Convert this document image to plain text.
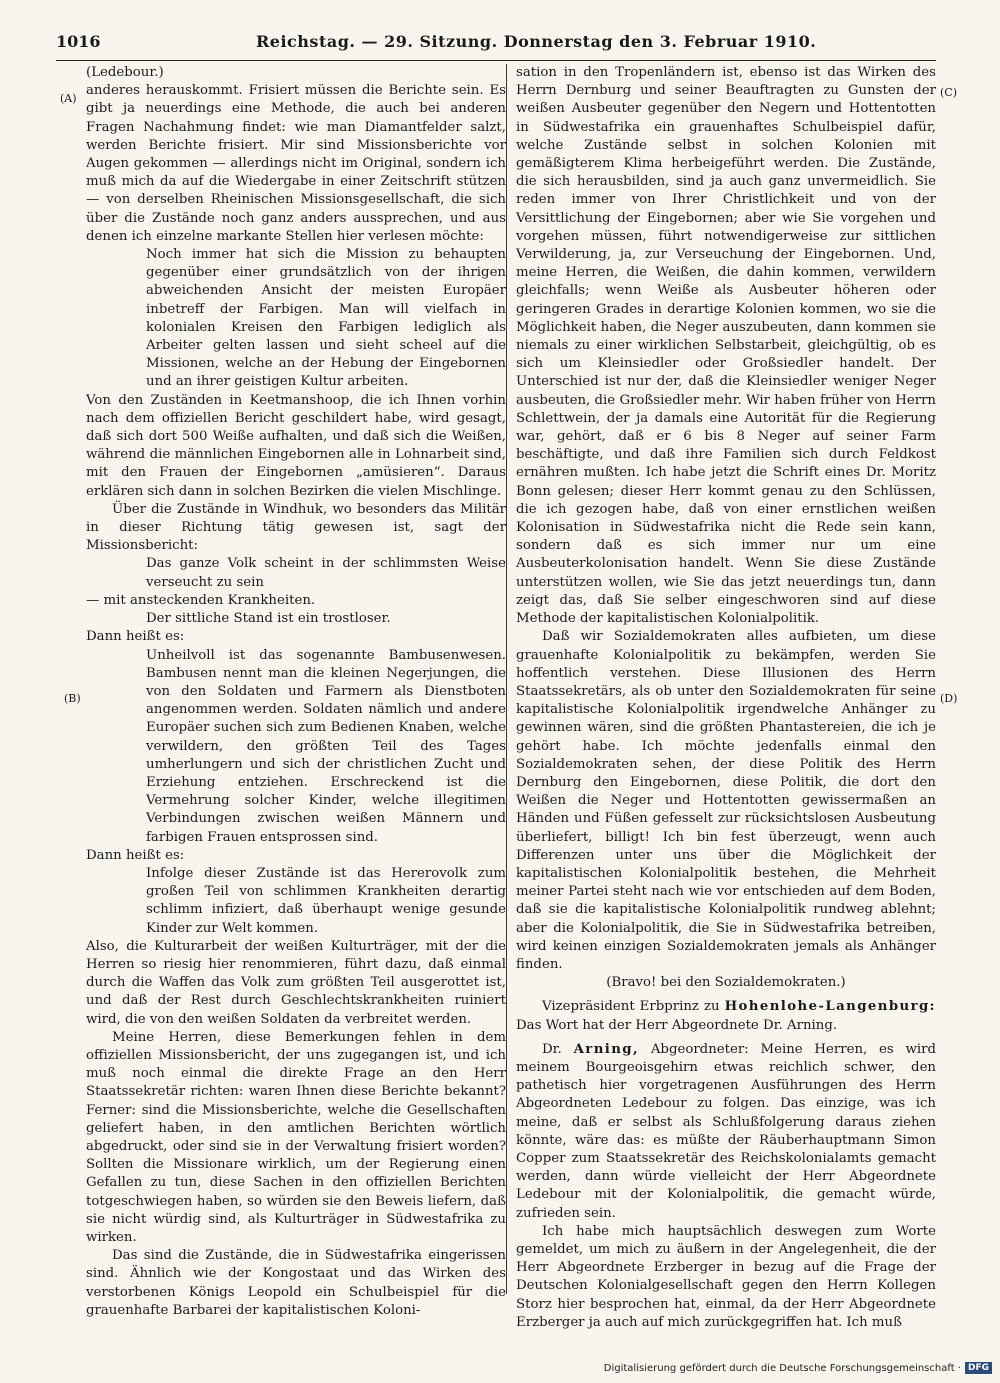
1016	Reichstag. — 29. Sitzung. Donnerstag den 3. Februar 1910.
(A)
(B)
(C)
(D)

(Ledebour.)

anderes herauskommt. Frisiert müssen die Berichte sein. Es gibt ja neuerdings eine Methode, die auch bei anderen Fragen Nachahmung findet: wie man Diamantfelder salzt, werden Berichte frisiert. Mir sind Missionsberichte vor Augen gekommen — allerdings nicht im Original, sondern ich muß mich da auf die Wiedergabe in einer Zeitschrift stützen — von derselben Rheinischen Missionsgesellschaft, die sich über die Zustände noch ganz anders aussprechen, und aus denen ich einzelne markante Stellen hier verlesen möchte:

Noch immer hat sich die Mission zu behaupten gegenüber einer grundsätzlich von der ihrigen abweichenden Ansicht der meisten Europäer inbetreff der Farbigen. Man will vielfach in kolonialen Kreisen den Farbigen lediglich als Arbeiter gelten lassen und sieht scheel auf die Missionen, welche an der Hebung der Eingebornen und an ihrer geistigen Kultur arbeiten.

Von den Zuständen in Keetmanshoop, die ich Ihnen vorhin nach dem offiziellen Bericht geschildert habe, wird gesagt, daß sich dort 500 Weiße aufhalten, und daß sich die Weißen, während die männlichen Eingebornen alle in Lohnarbeit sind, mit den Frauen der Eingebornen „amüsieren“. Daraus erklären sich dann in solchen Bezirken die vielen Mischlinge.

Über die Zustände in Windhuk, wo besonders das Militär in dieser Richtung tätig gewesen ist, sagt der Missionsbericht:

Das ganze Volk scheint in der schlimmsten Weise verseucht zu sein

— mit ansteckenden Krankheiten.

Der sittliche Stand ist ein trostloser.

Dann heißt es:

Unheilvoll ist das sogenannte Bambusenwesen. Bambusen nennt man die kleinen Negerjungen, die von den Soldaten und Farmern als Dienstboten angenommen werden. Soldaten nämlich und andere Europäer suchen sich zum Bedienen Knaben, welche verwildern, den größten Teil des Tages umherlungern und sich der christlichen Zucht und Erziehung entziehen. Erschreckend ist die Vermehrung solcher Kinder, welche illegitimen Verbindungen zwischen weißen Männern und farbigen Frauen entsprossen sind.

Dann heißt es:

Infolge dieser Zustände ist das Hererovolk zum großen Teil von schlimmen Krankheiten derartig schlimm infiziert, daß überhaupt wenige gesunde Kinder zur Welt kommen.

Also, die Kulturarbeit der weißen Kulturträger, mit der die Herren so riesig hier renommieren, führt dazu, daß einmal durch die Waffen das Volk zum größten Teil ausgerottet ist, und daß der Rest durch Geschlechtskrankheiten ruiniert wird, die von den weißen Soldaten da verbreitet werden.

Meine Herren, diese Bemerkungen fehlen in dem offiziellen Missionsbericht, der uns zugegangen ist, und ich muß noch einmal die direkte Frage an den Herr Staatssekretär richten: waren Ihnen diese Berichte bekannt? Ferner: sind die Missionsberichte, welche die Gesellschaften geliefert haben, in den amtlichen Berichten wörtlich abgedruckt, oder sind sie in der Verwaltung frisiert worden? Sollten die Missionare wirklich, um der Regierung einen Gefallen zu tun, diese Sachen in den offiziellen Berichten totgeschwiegen haben, so würden sie den Beweis liefern, daß sie nicht würdig sind, als Kulturträger in Südwestafrika zu wirken.

Das sind die Zustände, die in Südwestafrika eingerissen sind. Ähnlich wie der Kongostaat und das Wirken des verstorbenen Königs Leopold ein Schulbeispiel für die grauenhafte Barbarei der kapitalistischen Koloni-

sation in den Tropenländern ist, ebenso ist das Wirken des Herrn Dernburg und seiner Beauftragten zu Gunsten der weißen Ausbeuter gegenüber den Negern und Hottentotten in Südwestafrika ein grauenhaftes Schulbeispiel dafür, welche Zustände selbst in solchen Kolonien mit gemäßigterem Klima herbeigeführt werden. Die Zustände, die sich herausbilden, sind ja auch ganz unvermeidlich. Sie reden immer von Ihrer Christlichkeit und von der Versittlichung der Eingebornen; aber wie Sie vorgehen und vorgehen müssen, führt notwendigerweise zur sittlichen Verwilderung, ja, zur Verseuchung der Eingebornen. Und, meine Herren, die Weißen, die dahin kommen, verwildern gleichfalls; wenn Weiße als Ausbeuter höheren oder geringeren Grades in derartige Kolonien kommen, wo sie die Möglichkeit haben, die Neger auszubeuten, dann kommen sie niemals zu einer wirklichen Selbstarbeit, gleichgültig, ob es sich um Kleinsiedler oder Großsiedler handelt. Der Unterschied ist nur der, daß die Kleinsiedler weniger Neger ausbeuten, die Großsiedler mehr. Wir haben früher von Herrn Schlettwein, der ja damals eine Autorität für die Regierung war, gehört, daß er 6 bis 8 Neger auf seiner Farm beschäftigte, und daß ihre Familien sich durch Feldkost ernähren mußten. Ich habe jetzt die Schrift eines Dr. Moritz Bonn gelesen; dieser Herr kommt genau zu den Schlüssen, die ich gezogen habe, daß von einer ernstlichen weißen Kolonisation in Südwestafrika nicht die Rede sein kann, sondern daß es sich immer nur um eine Ausbeuterkolonisation handelt. Wenn Sie diese Zustände unterstützen wollen, wie Sie das jetzt neuerdings tun, dann zeigt das, daß Sie selber eingeschworen sind auf diese Methode der kapitalistischen Kolonialpolitik.

Daß wir Sozialdemokraten alles aufbieten, um diese grauenhafte Kolonialpolitik zu bekämpfen, werden Sie hoffentlich verstehen. Diese Illusionen des Herrn Staatssekretärs, als ob unter den Sozialdemokraten für seine kapitalistische Kolonialpolitik irgendwelche Anhänger zu gewinnen wären, sind die größten Phantastereien, die ich je gehört habe. Ich möchte jedenfalls einmal den Sozialdemokraten sehen, der diese Politik des Herrn Dernburg den Eingebornen, diese Politik, die dort den Weißen die Neger und Hottentotten gewissermaßen an Händen und Füßen gefesselt zur rücksichtslosen Ausbeutung überliefert, billigt! Ich bin fest überzeugt, wenn auch Differenzen unter uns über die Möglichkeit der kapitalistischen Kolonialpolitik bestehen, die Mehrheit meiner Partei steht nach wie vor entschieden auf dem Boden, daß sie die kapitalistische Kolonialpolitik rundweg ablehnt; aber die Kolonialpolitik, die Sie in Südwestafrika betreiben, wird keinen einzigen Sozialdemokraten jemals als Anhänger finden.

(Bravo! bei den Sozialdemokraten.)

Vizepräsident Erbprinz zu Hohenlohe-Langenburg: Das Wort hat der Herr Abgeordnete Dr. Arning.

Dr. Arning, Abgeordneter: Meine Herren, es wird meinem Bourgeoisgehirn etwas reichlich schwer, den pathetisch hier vorgetragenen Ausführungen des Herrn Abgeordneten Ledebour zu folgen. Das einzige, was ich meine, daß er selbst als Schlußfolgerung daraus ziehen könnte, wäre das: es müßte der Räuberhauptmann Simon Copper zum Staatssekretär des Reichskolonialamts gemacht werden, dann würde vielleicht der Herr Abgeordnete Ledebour mit der Kolonialpolitik, die gemacht würde, zufrieden sein.

Ich habe mich hauptsächlich deswegen zum Worte gemeldet, um mich zu äußern in der Angelegenheit, die der Herr Abgeordnete Erzberger in bezug auf die Frage der Deutschen Kolonialgesellschaft gegen den Herrn Kollegen Storz hier besprochen hat, einmal, da der Herr Abgeordnete Erzberger ja auch auf mich zurückgegriffen hat. Ich muß

Digitalisierung gefördert durch die Deutsche Forschungsgemeinschaft · DFG
